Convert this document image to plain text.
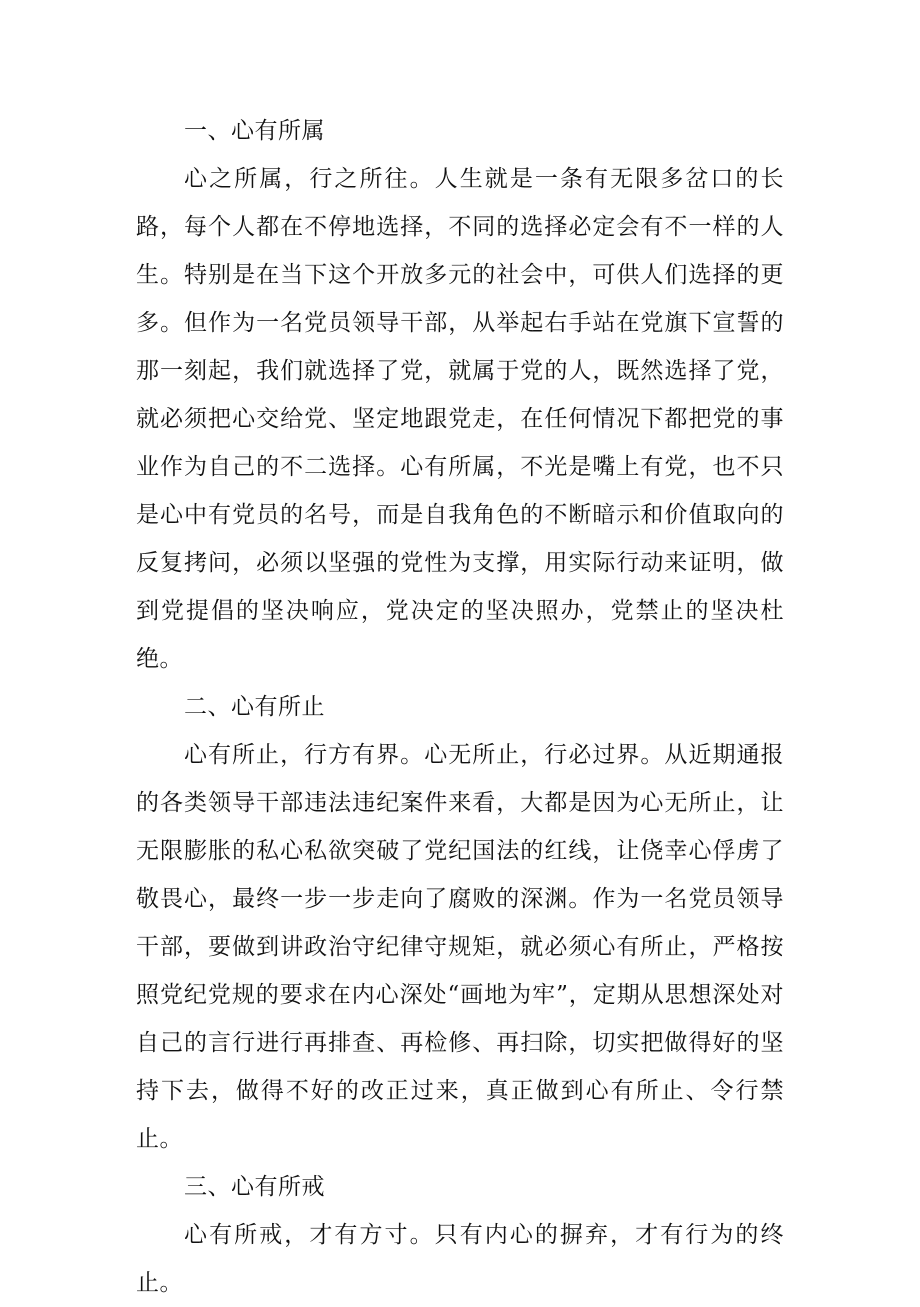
一、心有所属

心之所属，行之所往。人生就是一条有无限多岔口的长路，每个人都在不停地选择，不同的选择必定会有不一样的人生。特别是在当下这个开放多元的社会中，可供人们选择的更多。但作为一名党员领导干部，从举起右手站在党旗下宣誓的那一刻起，我们就选择了党，就属于党的人，既然选择了党，就必须把心交给党、坚定地跟党走，在任何情况下都把党的事业作为自己的不二选择。心有所属，不光是嘴上有党，也不只是心中有党员的名号，而是自我角色的不断暗示和价值取向的反复拷问，必须以坚强的党性为支撑，用实际行动来证明，做到党提倡的坚决响应，党决定的坚决照办，党禁止的坚决杜绝。

二、心有所止

心有所止，行方有界。心无所止，行必过界。从近期通报的各类领导干部违法违纪案件来看，大都是因为心无所止，让无限膨胀的私心私欲突破了党纪国法的红线，让侥幸心俘虏了敬畏心，最终一步一步走向了腐败的深渊。作为一名党员领导干部，要做到讲政治守纪律守规矩，就必须心有所止，严格按照党纪党规的要求在内心深处“画地为牢”，定期从思想深处对自己的言行进行再排查、再检修、再扫除，切实把做得好的坚持下去，做得不好的改正过来，真正做到心有所止、令行禁止。

三、心有所戒

心有所戒，才有方寸。只有内心的摒弃，才有行为的终止。
